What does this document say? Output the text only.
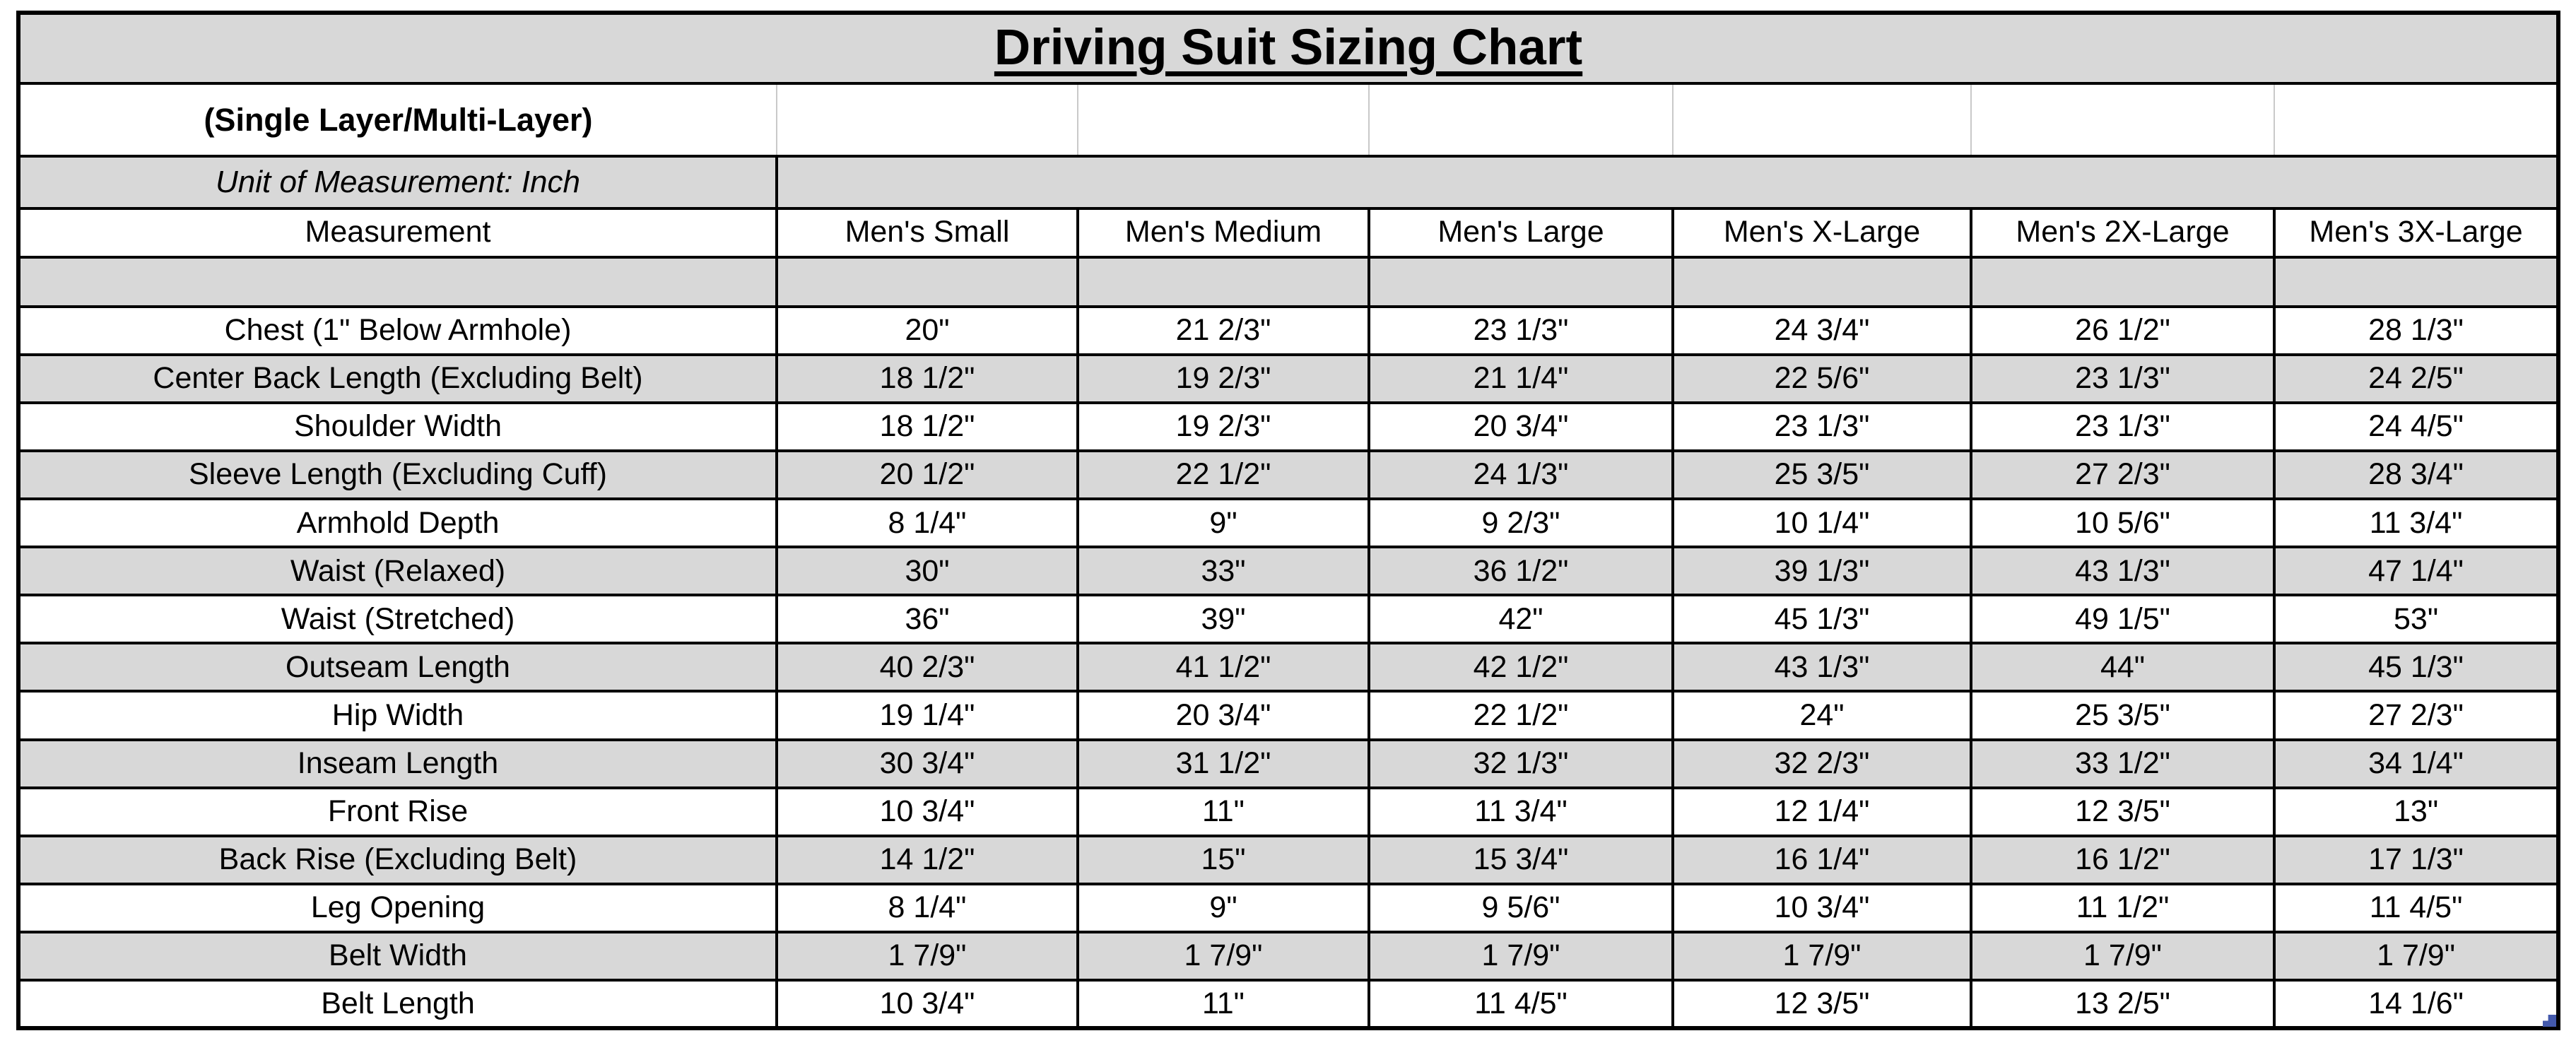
Driving Suit Sizing Chart						
(Single Layer/Multi-Layer)						
Unit of Measurement: Inch						
Measurement	Men's Small	Men's Medium	Men's Large	Men's X-Large	Men's 2X-Large	Men's 3X-Large

Chest (1" Below Armhole)	20"	21 2/3"	23 1/3"	24 3/4"	26 1/2"	28 1/3"
Center Back Length (Excluding Belt)	18 1/2"	19 2/3"	21 1/4"	22 5/6"	23 1/3"	24 2/5"
Shoulder Width	18 1/2"	19 2/3"	20 3/4"	23 1/3"	23 1/3"	24 4/5"
Sleeve Length (Excluding Cuff)	20 1/2"	22 1/2"	24 1/3"	25 3/5"	27 2/3"	28 3/4"
Armhold Depth	8 1/4"	9"	9 2/3"	10 1/4"	10 5/6"	11 3/4"
Waist (Relaxed)	30"	33"	36 1/2"	39 1/3"	43 1/3"	47 1/4"
Waist (Stretched)	36"	39"	42"	45 1/3"	49 1/5"	53"
Outseam Length	40 2/3"	41 1/2"	42 1/2"	43 1/3"	44"	45 1/3"
Hip Width	19 1/4"	20 3/4"	22 1/2"	24"	25 3/5"	27 2/3"
Inseam Length	30 3/4"	31 1/2"	32 1/3"	32 2/3"	33 1/2"	34 1/4"
Front Rise	10 3/4"	11"	11 3/4"	12 1/4"	12 3/5"	13"
Back Rise (Excluding Belt)	14 1/2"	15"	15 3/4"	16 1/4"	16 1/2"	17 1/3"
Leg Opening	8 1/4"	9"	9 5/6"	10 3/4"	11 1/2"	11 4/5"
Belt Width	1 7/9"	1 7/9"	1 7/9"	1 7/9"	1 7/9"	1 7/9"
Belt Length	10 3/4"	11"	11 4/5"	12 3/5"	13 2/5"	14 1/6"
